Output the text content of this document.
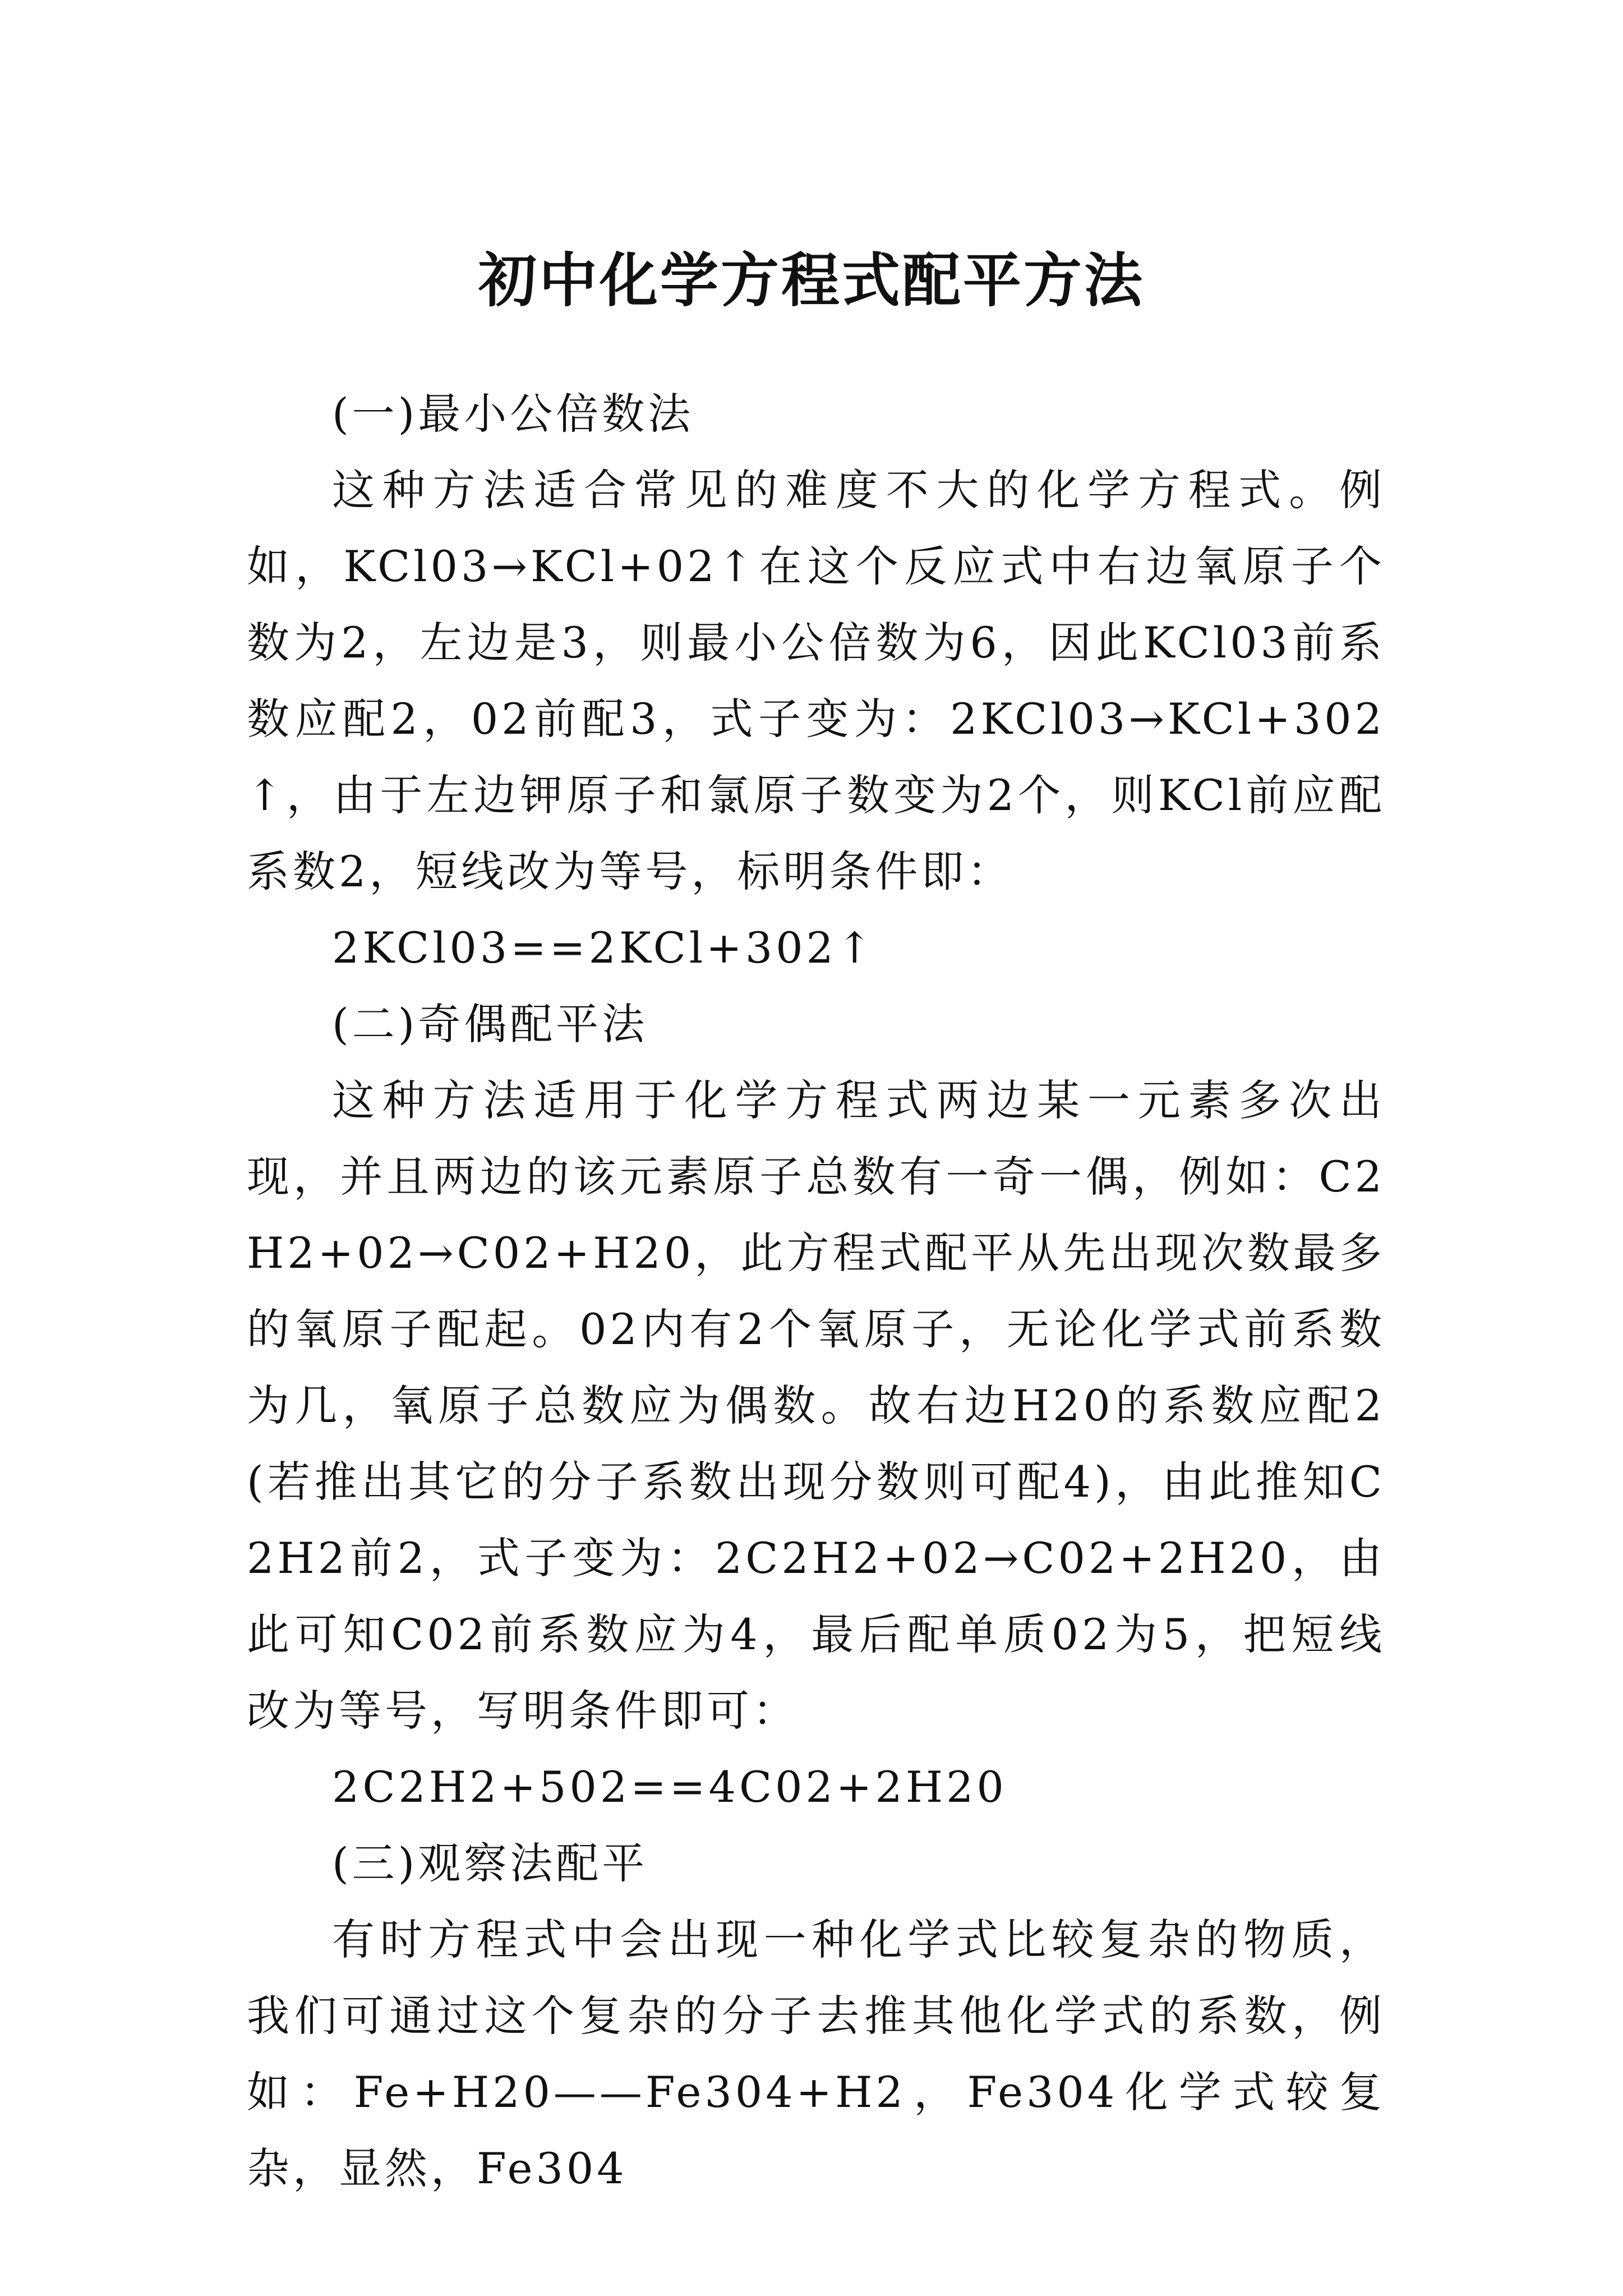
初中化学方程式配平方法

(一)最小公倍数法

这种方法适合常见的难度不大的化学方程式。例如，KCl03→KCl+02↑在这个反应式中右边氧原子个数为2，左边是3，则最小公倍数为6，因此KCl03前系数应配2，02前配3，式子变为：2KCl03→KCl+302↑，由于左边钾原子和氯原子数变为2个，则KCl前应配系数2，短线改为等号，标明条件即：

2KCl03==2KCl+302↑

(二)奇偶配平法

这种方法适用于化学方程式两边某一元素多次出现，并且两边的该元素原子总数有一奇一偶，例如：C2H2+02→C02+H20，此方程式配平从先出现次数最多的氧原子配起。02内有2个氧原子，无论化学式前系数为几，氧原子总数应为偶数。故右边H20的系数应配2(若推出其它的分子系数出现分数则可配4)，由此推知C2H2前2，式子变为：2C2H2+02→C02+2H20，由此可知C02前系数应为4，最后配单质02为5，把短线改为等号，写明条件即可：

2C2H2+502==4C02+2H20

(三)观察法配平

有时方程式中会出现一种化学式比较复杂的物质，我们可通过这个复杂的分子去推其他化学式的系数，例如：Fe+H20——Fe304+H2，Fe304化学式较复杂，显然，Fe304
